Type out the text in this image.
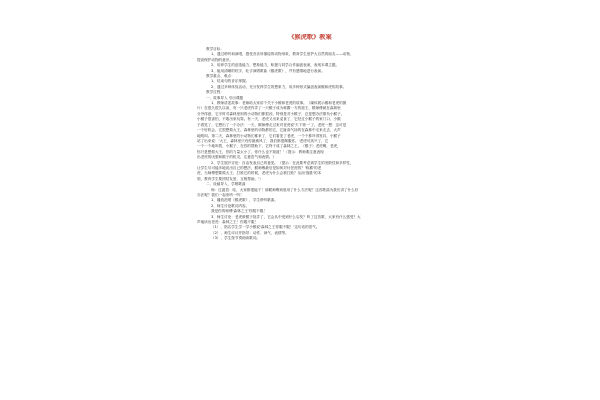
《猴虎歌》教案
教学目标：
1、通过聆听和演唱，感受音乐所描绘的动物形象，教育学生爱护大自然的朋友——动物，
提高保护动物的意识。
2、培养学生的创造能力、想象能力，积极与同学合作编创表演，表现本课主题。
3、能用清晰的咬字、吐字演唱歌曲《猴虎歌》，并有感情地进行表演。
教学重点、难点：
1、结束句的音乐掌握。
2、通过多种体验活动，充分发挥学生的想象力，用多种形式编创表演猴和虎的故事。
教学过程：
一、故事导入 引出课题
1、教师讲述故事：老师给大家讲个关于小猴和老虎的故事。（媒体展示猴和老虎的图
片）在很久很久以前，有一只老虎作弄了一只猴子成为称霸一方的兽王，猴师傅就在森林里
分外得意，它平时对森林里别的小动物们都很凶，特别是对小猴子，总是想办法欺负小猴子，
小猴子很害怕，不敢出来玩耍。有一天，老虎又出来觅食了，它经过小猴子的家门口，小猴
子看见了，它想出了一个办法：一天，猴师傅走过来对老虎说'天下第一'了，老虎一想：这可是
一个好机会，它很想做大王。森林里的动物都怕它，它趾高气扬的在森林中走来走去，大声
地吼叫。第二天，森林里的小动物们都来了，它们看见了老虎，一个个都吓得发抖，小猴子
站了出来说：'大王，森林里只有你最威风了，我们都很佩服你。'老虎可高兴了，它
一个一个地叫着，小猴子，在你的帮助下，它终于成了森林之王。（猴子）老虎啊，老虎，
你只是想做大王，你的力量太小了，你什么也不知道！'（提示：教师要注意表现
出老虎的凶狠和猴子的机灵，注意语气和表情。）
2、学生展开讨论：自由发表自己的意见。（提示：在此要考虑到学生的发散性和多样性，
让学生尽可能多地说出自己的想法，猴师傅最后是如何对付老虎的？'称霸'的老
虎，当师傅想要做大王，打败它的时候，老虎为什么会被打败？从而'战胜'的本
领，教育学生要团结友爱，互相帮助。'）
二、设疑导入，学唱歌曲
师：过渡语：哇，大家都很能干！那猴师傅到底用了什么方法呢？这首歌曲为我们讲了什么好
办法呢？我们一起来听一听！
1、播放范唱《猴虎歌》，学生聆听歌曲。
2、师生讨论歌词内容。
我是你的师傅'森林之王'你服不服！
3、师生讨论：老虎被猴子捉弄了，它会从中受到什么启发？听了这首歌，大家有什么感受？大
声地读出老虎：森林之王！你服不服！
（1）、指名学生学一学小猴说'森林之王你服不服！'这句话的语气。
（2）、师生评议并指导：动作、神气、表情等。
（3）、学生按节奏朗读歌词。
